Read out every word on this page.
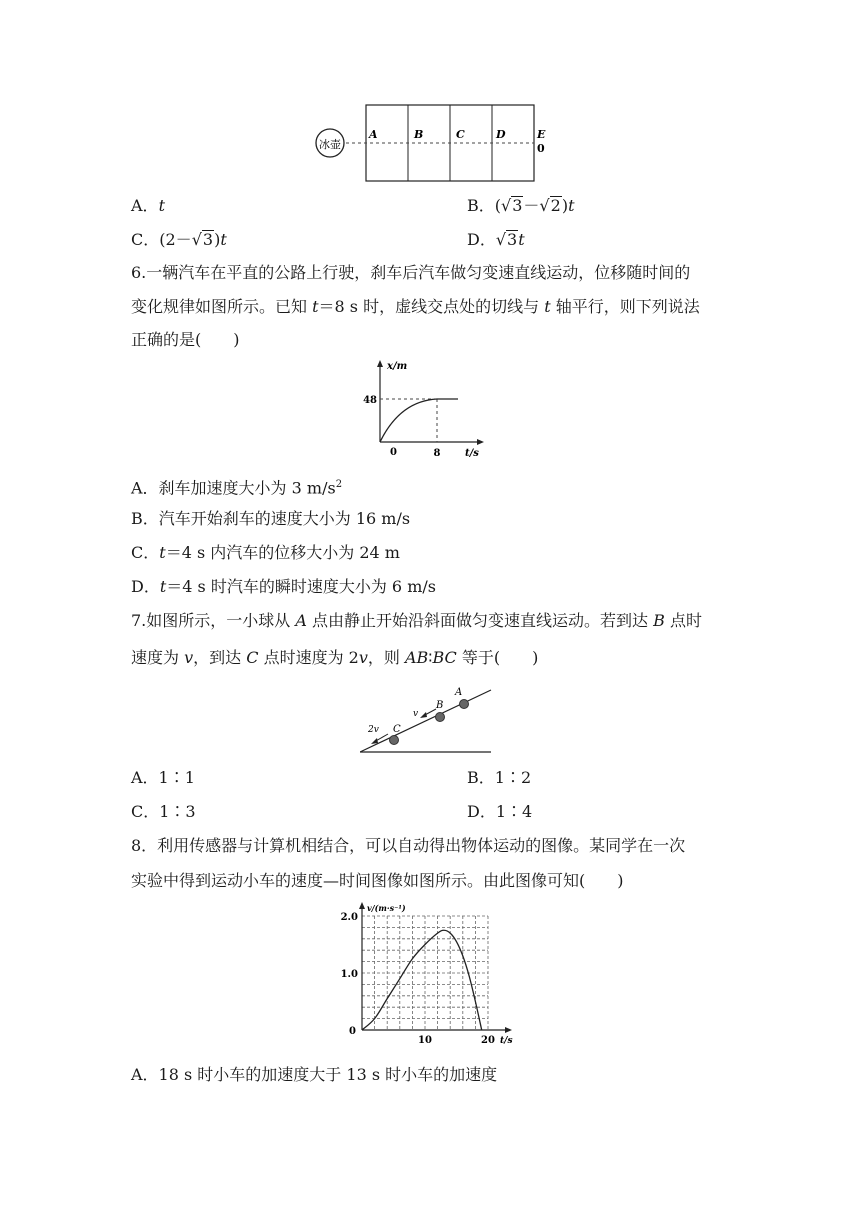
冰壶
A	B	C	D	E
0
A．t	B．(√3－√2)t
C．(2－√3)t	D．√3t
6.一辆汽车在平直的公路上行驶，刹车后汽车做匀变速直线运动，位移随时间的
变化规律如图所示。已知 t＝8 s 时，虚线交点处的切线与 t 轴平行，则下列说法
正确的是(　　)
x/m
t/s
48
8
0
A．刹车加速度大小为 3 $m/s^2$
B．汽车开始刹车的速度大小为 16 m/s
C．t＝4 s 内汽车的位移大小为 24 m
D．t＝4 s 时汽车的瞬时速度大小为 6 m/s
7.如图所示，一小球从 A 点由静止开始沿斜面做匀变速直线运动。若到达 B 点时
速度为 v，到达 C 点时速度为 2v，则 AB∶BC 等于(　　)
A
B
C
v
2v
A．1∶1	B．1∶2
C．1∶3	D．1∶4
8．利用传感器与计算机相结合，可以自动得出物体运动的图像。某同学在一次
实验中得到运动小车的速度—时间图像如图所示。由此图像可知(　　)
1.0
2.0
10	20
0
v/(m·s⁻¹)
t/s
A．18 s 时小车的加速度大于 13 s 时小车的加速度
